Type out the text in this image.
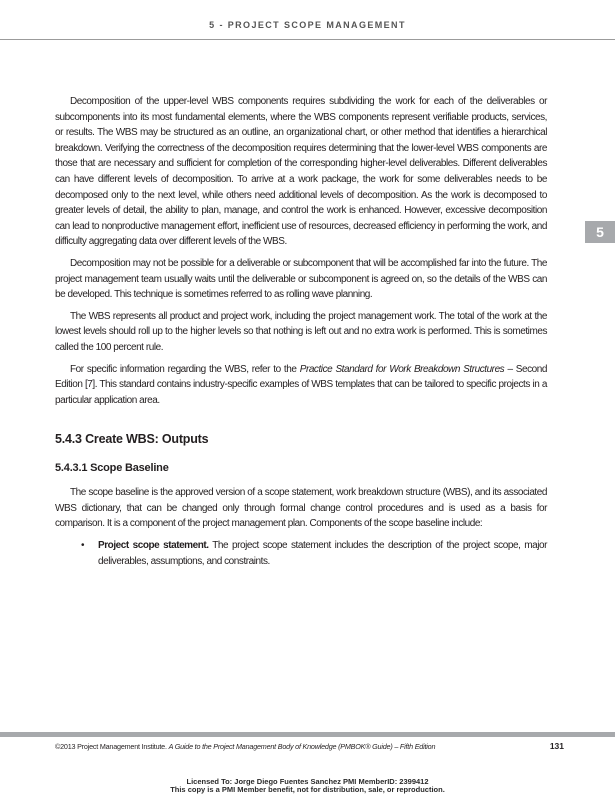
5 - PROJECT SCOPE MANAGEMENT
5

Decomposition of the upper-level WBS components requires subdividing the work for each of the deliverables or subcomponents into its most fundamental elements, where the WBS components represent verifiable products, services, or results. The WBS may be structured as an outline, an organizational chart, or other method that identifies a hierarchical breakdown. Verifying the correctness of the decomposition requires determining that the lower-level WBS components are those that are necessary and sufficient for completion of the corresponding higher-level deliverables. Different deliverables can have different levels of decomposition. To arrive at a work package, the work for some deliverables needs to be decomposed only to the next level, while others need additional levels of decomposition. As the work is decomposed to greater levels of detail, the ability to plan, manage, and control the work is enhanced. However, excessive decomposition can lead to nonproductive management effort, inefficient use of resources, decreased efficiency in performing the work, and difficulty aggregating data over different levels of the WBS.

Decomposition may not be possible for a deliverable or subcomponent that will be accomplished far into the future. The project management team usually waits until the deliverable or subcomponent is agreed on, so the details of the WBS can be developed. This technique is sometimes referred to as rolling wave planning.

The WBS represents all product and project work, including the project management work. The total of the work at the lowest levels should roll up to the higher levels so that nothing is left out and no extra work is performed. This is sometimes called the 100 percent rule.

For specific information regarding the WBS, refer to the Practice Standard for Work Breakdown Structures – Second Edition [7]. This standard contains industry-specific examples of WBS templates that can be tailored to specific projects in a particular application area.

5.4.3 Create WBS: Outputs
5.4.3.1 Scope Baseline

The scope baseline is the approved version of a scope statement, work breakdown structure (WBS), and its associated WBS dictionary, that can be changed only through formal change control procedures and is used as a basis for comparison. It is a component of the project management plan. Components of the scope baseline include:

• Project scope statement. The project scope statement includes the description of the project scope, major deliverables, assumptions, and constraints.
©2013 Project Management Institute. A Guide to the Project Management Body of Knowledge (PMBOK® Guide) – Fifth Edition	131
Licensed To: Jorge Diego Fuentes Sanchez PMI MemberID: 2399412
This copy is a PMI Member benefit, not for distribution, sale, or reproduction.
